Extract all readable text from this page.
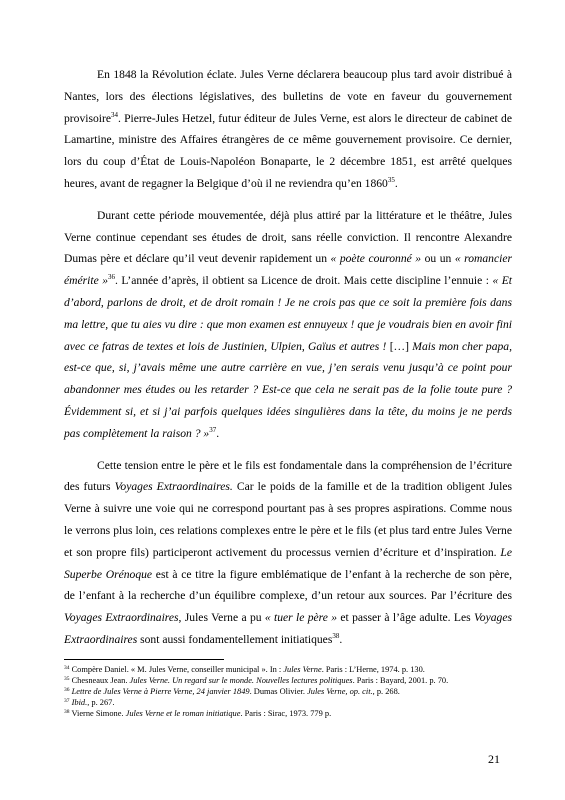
En 1848 la Révolution éclate. Jules Verne déclarera beaucoup plus tard avoir distribué à Nantes, lors des élections législatives, des bulletins de vote en faveur du gouvernement provisoire$^{34}$. Pierre-Jules Hetzel, futur éditeur de Jules Verne, est alors le directeur de cabinet de Lamartine, ministre des Affaires étrangères de ce même gouvernement provisoire. Ce dernier, lors du coup d’État de Louis-Napoléon Bonaparte, le 2 décembre 1851, est arrêté quelques heures, avant de regagner la Belgique d’où il ne reviendra qu’en 1860$^{35}$.

Durant cette période mouvementée, déjà plus attiré par la littérature et le théâtre, Jules Verne continue cependant ses études de droit, sans réelle conviction. Il rencontre Alexandre Dumas père et déclare qu’il veut devenir rapidement un « poète couronné » ou un « romancier émérite »$^{36}$. L’année d’après, il obtient sa Licence de droit. Mais cette discipline l’ennuie : « Et d’abord, parlons de droit, et de droit romain ! Je ne crois pas que ce soit la première fois dans ma lettre, que tu aies vu dire : que mon examen est ennuyeux ! que je voudrais bien en avoir fini avec ce fatras de textes et lois de Justinien, Ulpien, Gaïus et autres ! […] Mais mon cher papa, est-ce que, si, j’avais même une autre carrière en vue, j’en serais venu jusqu’à ce point pour abandonner mes études ou les retarder ? Est-ce que cela ne serait pas de la folie toute pure ? Évidemment si, et si j’ai parfois quelques idées singulières dans la tête, du moins je ne perds pas complètement la raison ? »$^{37}$.

Cette tension entre le père et le fils est fondamentale dans la compréhension de l’écriture des futurs Voyages Extraordinaires. Car le poids de la famille et de la tradition obligent Jules Verne à suivre une voie qui ne correspond pourtant pas à ses propres aspirations. Comme nous le verrons plus loin, ces relations complexes entre le père et le fils (et plus tard entre Jules Verne et son propre fils) participeront activement du processus vernien d’écriture et d’inspiration. Le Superbe Orénoque est à ce titre la figure emblématique de l’enfant à la recherche de son père, de l’enfant à la recherche d’un équilibre complexe, d’un retour aux sources. Par l’écriture des Voyages Extraordinaires, Jules Verne a pu « tuer le père » et passer à l’âge adulte. Les Voyages Extraordinaires sont aussi fondamentellement initiatiques$^{38}$.

$^{34}$ Compère Daniel. « M. Jules Verne, conseiller municipal ». In : Jules Verne. Paris : L’Herne, 1974. p. 130.

$^{35}$ Chesneaux Jean. Jules Verne. Un regard sur le monde. Nouvelles lectures politiques. Paris : Bayard, 2001. p. 70.

$^{36}$ Lettre de Jules Verne à Pierre Verne, 24 janvier 1849. Dumas Olivier. Jules Verne, op. cit., p. 268.

$^{37}$ Ibid., p. 267.

$^{38}$ Vierne Simone. Jules Verne et le roman initiatique. Paris : Sirac, 1973. 779 p.

21
